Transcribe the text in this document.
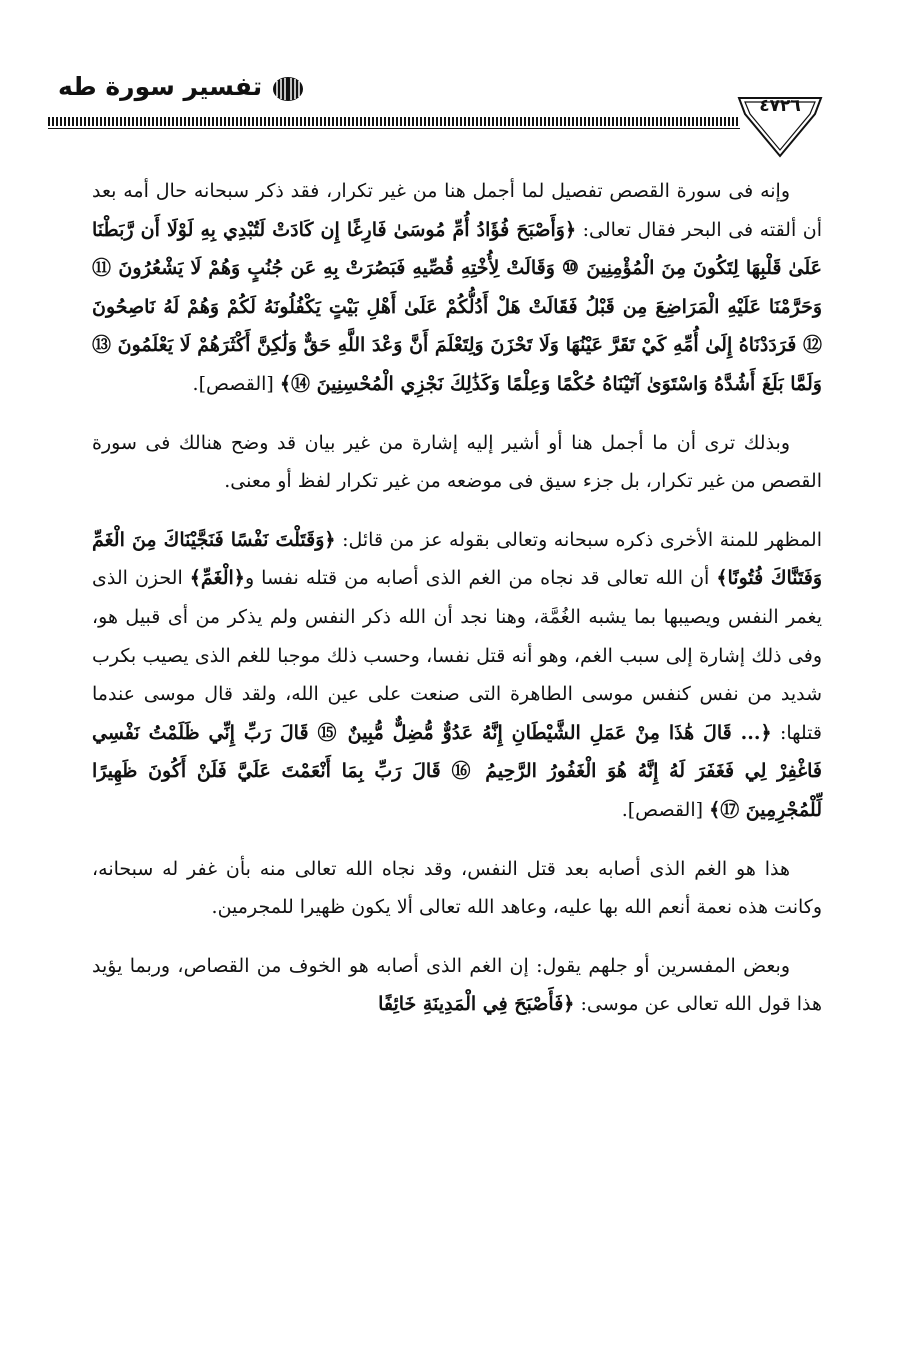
تفسير سورة طه
٤٧٢٦

وإنه فى سورة القصص تفصيل لما أجمل هنا من غير تكرار، فقد ذكر سبحانه حال أمه بعد أن ألقته فى البحر فقال تعالى: ﴿وَأَصْبَحَ فُؤَادُ أُمِّ مُوسَىٰ فَارِغًا إِن كَادَتْ لَتُبْدِي بِهِ لَوْلَا أَن رَّبَطْنَا عَلَىٰ قَلْبِهَا لِتَكُونَ مِنَ الْمُؤْمِنِينَ ⑩ وَقَالَتْ لِأُخْتِهِ قُصِّيهِ فَبَصُرَتْ بِهِ عَن جُنُبٍ وَهُمْ لَا يَشْعُرُونَ ⑪ وَحَرَّمْنَا عَلَيْهِ الْمَرَاضِعَ مِن قَبْلُ فَقَالَتْ هَلْ أَدُلُّكُمْ عَلَىٰ أَهْلِ بَيْتٍ يَكْفُلُونَهُ لَكُمْ وَهُمْ لَهُ نَاصِحُونَ ⑫ فَرَدَدْنَاهُ إِلَىٰ أُمِّهِ كَيْ تَقَرَّ عَيْنُهَا وَلَا تَحْزَنَ وَلِتَعْلَمَ أَنَّ وَعْدَ اللَّهِ حَقٌّ وَلَٰكِنَّ أَكْثَرَهُمْ لَا يَعْلَمُونَ ⑬ وَلَمَّا بَلَغَ أَشُدَّهُ وَاسْتَوَىٰ آتَيْنَاهُ حُكْمًا وَعِلْمًا وَكَذَٰلِكَ نَجْزِي الْمُحْسِنِينَ ⑭﴾ [القصص].

وبذلك ترى أن ما أجمل هنا أو أشير إليه إشارة من غير بيان قد وضح هنالك فى سورة القصص من غير تكرار، بل جزء سيق فى موضعه من غير تكرار لفظ أو معنى.

المظهر للمنة الأخرى ذكره سبحانه وتعالى بقوله عز من قائل: ﴿وَقَتَلْتَ نَفْسًا فَنَجَّيْنَاكَ مِنَ الْغَمِّ وَفَتَنَّاكَ فُتُونًا﴾ أن الله تعالى قد نجاه من الغم الذى أصابه من قتله نفسا و﴿الْغَمِّ﴾ الحزن الذى يغمر النفس ويصيبها بما يشبه الغُمَّة، وهنا نجد أن الله ذكر النفس ولم يذكر من أى قبيل هو، وفى ذلك إشارة إلى سبب الغم، وهو أنه قتل نفسا، وحسب ذلك موجبا للغم الذى يصيب بكرب شديد من نفس كنفس موسى الطاهرة التى صنعت على عين الله، ولقد قال موسى عندما قتلها: ﴿... قَالَ هَٰذَا مِنْ عَمَلِ الشَّيْطَانِ إِنَّهُ عَدُوٌّ مُّضِلٌّ مُّبِينٌ ⑮ قَالَ رَبِّ إِنِّي ظَلَمْتُ نَفْسِي فَاغْفِرْ لِي فَغَفَرَ لَهُ إِنَّهُ هُوَ الْغَفُورُ الرَّحِيمُ ⑯ قَالَ رَبِّ بِمَا أَنْعَمْتَ عَلَيَّ فَلَنْ أَكُونَ ظَهِيرًا لِّلْمُجْرِمِينَ ⑰﴾ [القصص].

هذا هو الغم الذى أصابه بعد قتل النفس، وقد نجاه الله تعالى منه بأن غفر له سبحانه، وكانت هذه نعمة أنعم الله بها عليه، وعاهد الله تعالى ألا يكون ظهيرا للمجرمين.

وبعض المفسرين أو جلهم يقول: إن الغم الذى أصابه هو الخوف من القصاص، وربما يؤيد هذا قول الله تعالى عن موسى: ﴿فَأَصْبَحَ فِي الْمَدِينَةِ خَائِفًا
